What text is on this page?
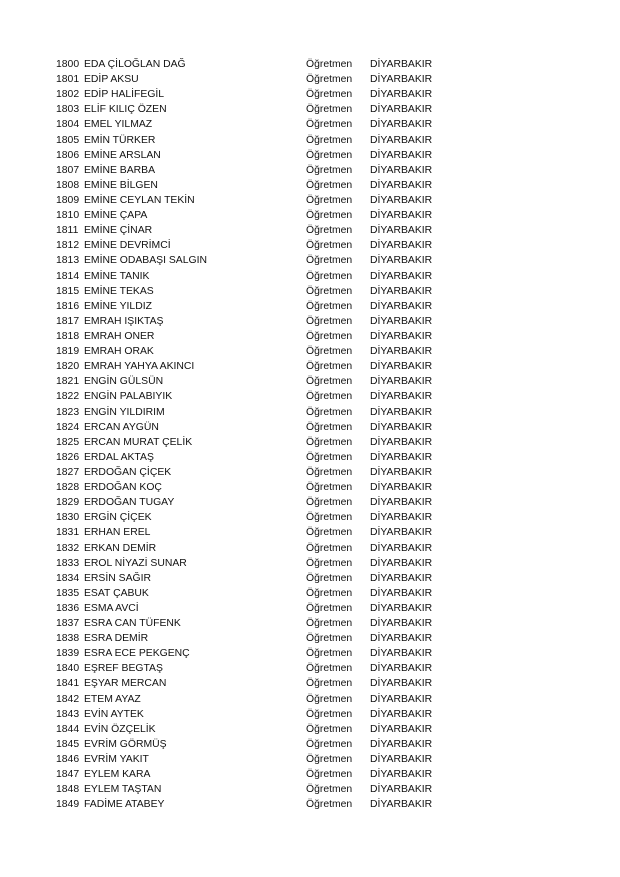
1800 EDA ÇİLOĞLAN DAĞ	Öğretmen DİYARBAKIR
1801 EDİP AKSU	Öğretmen DİYARBAKIR
1802 EDİP HALİFEGİL	Öğretmen DİYARBAKIR
1803 ELİF KILIÇ ÖZEN	Öğretmen DİYARBAKIR
1804 EMEL YILMAZ	Öğretmen DİYARBAKIR
1805 EMİN TÜRKER	Öğretmen DİYARBAKIR
1806 EMİNE ARSLAN	Öğretmen DİYARBAKIR
1807 EMİNE BARBA	Öğretmen DİYARBAKIR
1808 EMİNE BİLGEN	Öğretmen DİYARBAKIR
1809 EMİNE CEYLAN TEKİN	Öğretmen DİYARBAKIR
1810 EMİNE ÇAPA	Öğretmen DİYARBAKIR
1811 EMİNE ÇİNAR	Öğretmen DİYARBAKIR
1812 EMİNE DEVRİMCİ	Öğretmen DİYARBAKIR
1813 EMİNE ODABAŞI SALGIN	Öğretmen DİYARBAKIR
1814 EMİNE TANIK	Öğretmen DİYARBAKIR
1815 EMİNE TEKAS	Öğretmen DİYARBAKIR
1816 EMİNE YILDIZ	Öğretmen DİYARBAKIR
1817 EMRAH IŞIKTAŞ	Öğretmen DİYARBAKIR
1818 EMRAH ONER	Öğretmen DİYARBAKIR
1819 EMRAH ORAK	Öğretmen DİYARBAKIR
1820 EMRAH YAHYA AKINCI	Öğretmen DİYARBAKIR
1821 ENGİN GÜLSÜN	Öğretmen DİYARBAKIR
1822 ENGİN PALABIYIK	Öğretmen DİYARBAKIR
1823 ENGİN YILDIRIM	Öğretmen DİYARBAKIR
1824 ERCAN AYGÜN	Öğretmen DİYARBAKIR
1825 ERCAN MURAT ÇELİK	Öğretmen DİYARBAKIR
1826 ERDAL AKTAŞ	Öğretmen DİYARBAKIR
1827 ERDOĞAN ÇİÇEK	Öğretmen DİYARBAKIR
1828 ERDOĞAN KOÇ	Öğretmen DİYARBAKIR
1829 ERDOĞAN TUGAY	Öğretmen DİYARBAKIR
1830 ERGİN ÇİÇEK	Öğretmen DİYARBAKIR
1831 ERHAN EREL	Öğretmen DİYARBAKIR
1832 ERKAN DEMİR	Öğretmen DİYARBAKIR
1833 EROL NİYAZİ SUNAR	Öğretmen DİYARBAKIR
1834 ERSİN SAĞIR	Öğretmen DİYARBAKIR
1835 ESAT ÇABUK	Öğretmen DİYARBAKIR
1836 ESMA AVCİ	Öğretmen DİYARBAKIR
1837 ESRA CAN TÜFENK	Öğretmen DİYARBAKIR
1838 ESRA DEMİR	Öğretmen DİYARBAKIR
1839 ESRA ECE PEKGENÇ	Öğretmen DİYARBAKIR
1840 EŞREF BEGTAŞ	Öğretmen DİYARBAKIR
1841 EŞYAR MERCAN	Öğretmen DİYARBAKIR
1842 ETEM AYAZ	Öğretmen DİYARBAKIR
1843 EVİN AYTEK	Öğretmen DİYARBAKIR
1844 EVİN ÖZÇELİK	Öğretmen DİYARBAKIR
1845 EVRİM GÖRMÜŞ	Öğretmen DİYARBAKIR
1846 EVRİM YAKIT	Öğretmen DİYARBAKIR
1847 EYLEM KARA	Öğretmen DİYARBAKIR
1848 EYLEM TAŞTAN	Öğretmen DİYARBAKIR
1849 FADİME ATABEY	Öğretmen DİYARBAKIR
